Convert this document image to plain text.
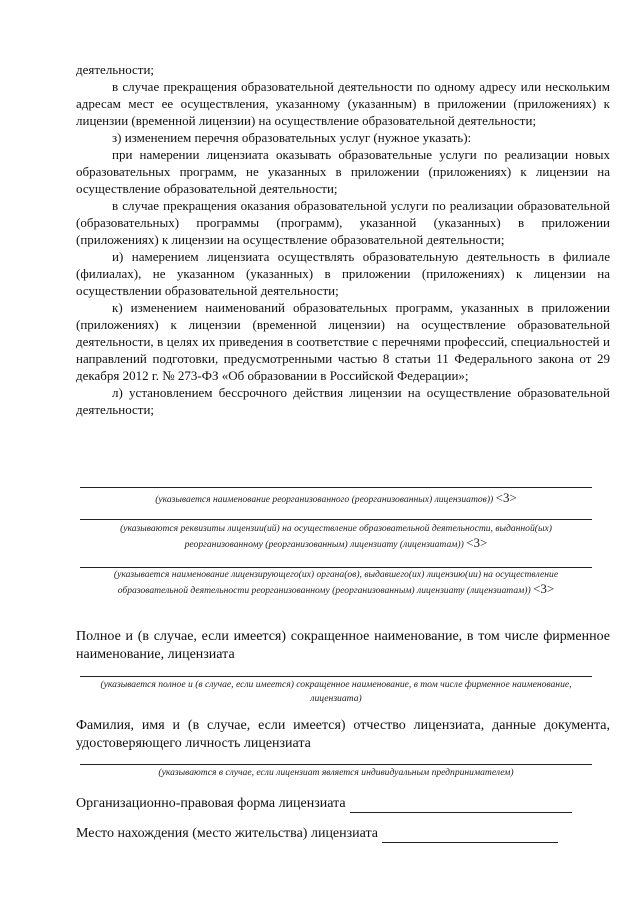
деятельности;

в случае прекращения образовательной деятельности по одному адресу или нескольким адресам мест ее осуществления, указанному (указанным) в приложении (приложениях) к лицензии (временной лицензии) на осуществление образовательной деятельности;

з) изменением перечня образовательных услуг (нужное указать):

при намерении лицензиата оказывать образовательные услуги по реализации новых образовательных программ, не указанных в приложении (приложениях) к лицензии на осуществление образовательной деятельности;

в случае прекращения оказания образовательной услуги по реализации образовательной (образовательных) программы (программ), указанной (указанных) в приложении (приложениях) к лицензии на осуществление образовательной деятельности;

и) намерением лицензиата осуществлять образовательную деятельность в филиале (филиалах), не указанном (указанных) в приложении (приложениях) к лицензии на осуществлении образовательной деятельности;

к) изменением наименований образовательных программ, указанных в приложении (приложениях) к лицензии (временной лицензии) на осуществление образовательной деятельности, в целях их приведения в соответствие с перечнями профессий, специальностей и направлений подготовки, предусмотренными частью 8 статьи 11 Федерального закона от 29 декабря 2012 г. № 273-ФЗ «Об образовании в Российской Федерации»;

л) установлением бессрочного действия лицензии на осуществление образовательной деятельности;

(указывается наименование реорганизованного (реорганизованных) лицензиатов)) <3>
(указываются реквизиты лицензии(ий) на осуществление образовательной деятельности, выданной(ых) реорганизованному (реорганизованным) лицензиату (лицензиатам)) <3>
(указывается наименование лицензирующего(их) органа(ов), выдавшего(их) лицензию(ии) на осуществление образовательной деятельности реорганизованному (реорганизованным) лицензиату (лицензиатам)) <3>

Полное и (в случае, если имеется) сокращенное наименование, в том числе фирменное наименование, лицензиата

(указывается полное и (в случае, если имеется) сокращенное наименование, в том числе фирменное наименование, лицензиата)

Фамилия, имя и (в случае, если имеется) отчество лицензиата, данные документа, удостоверяющего личность лицензиата

(указываются в случае, если лицензиат является индивидуальным предпринимателем)
Организационно-правовая форма лицензиата
Место нахождения (место жительства) лицензиата
